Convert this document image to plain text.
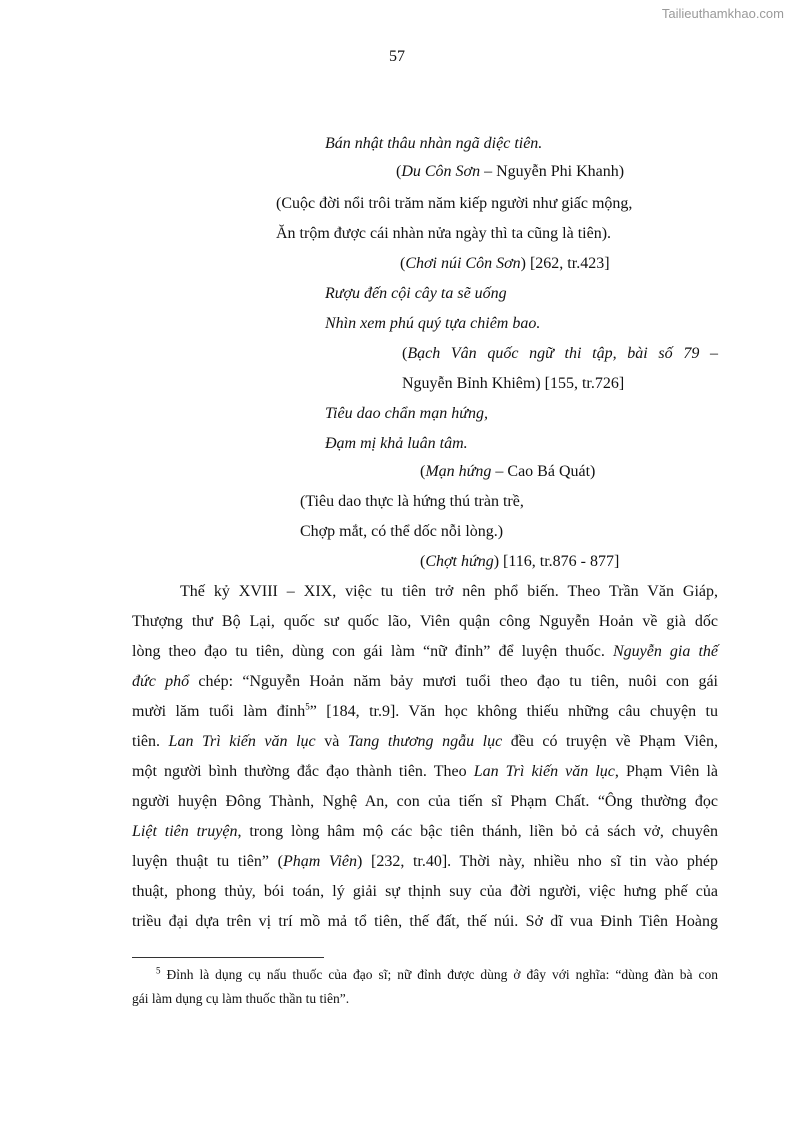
Tailieuthamkhao.com
57
Bán nhật thâu nhàn ngã diệc tiên.
(Du Côn Sơn – Nguyễn Phi Khanh)
(Cuộc đời nổi trôi trăm năm kiếp người như giấc mộng,
Ăn trộm được cái nhàn nửa ngày thì ta cũng là tiên).
(Chơi núi Côn Sơn) [262, tr.423]
Rượu đến cội cây ta sẽ uống
Nhìn xem phú quý tựa chiêm bao.
(Bạch Vân quốc ngữ thi tập, bài số 79 –
Nguyễn Bỉnh Khiêm) [155, tr.726]
Tiêu dao chẩn mạn hứng,
Đạm mị khả luân tâm.
(Mạn hứng – Cao Bá Quát)
(Tiêu dao thực là hứng thú tràn trề,
Chợp mắt, có thể dốc nỗi lòng.)
(Chợt hứng) [116, tr.876 - 877]
Thế kỷ XVIII – XIX, việc tu tiên trở nên phổ biến. Theo Trần Văn Giáp,
Thượng thư Bộ Lại, quốc sư quốc lão, Viên quận công Nguyễn Hoản về già dốc
lòng theo đạo tu tiên, dùng con gái làm “nữ đỉnh” để luyện thuốc. Nguyễn gia thế
đức phổ chép: “Nguyễn Hoản năm bảy mươi tuổi theo đạo tu tiên, nuôi con gái
mười lăm tuổi làm đỉnh$^5$” [184, tr.9]. Văn học không thiếu những câu chuyện tu
tiên. Lan Trì kiến văn lục và Tang thương ngẫu lục đều có truyện về Phạm Viên,
một người bình thường đắc đạo thành tiên. Theo Lan Trì kiến văn lục, Phạm Viên là
người huyện Đông Thành, Nghệ An, con của tiến sĩ Phạm Chất. “Ông thường đọc
Liệt tiên truyện, trong lòng hâm mộ các bậc tiên thánh, liền bỏ cả sách vở, chuyên
luyện thuật tu tiên” (Phạm Viên) [232, tr.40]. Thời này, nhiều nho sĩ tin vào phép
thuật, phong thủy, bói toán, lý giải sự thịnh suy của đời người, việc hưng phế của
triều đại dựa trên vị trí mồ mả tổ tiên, thế đất, thế núi. Sở dĩ vua Đinh Tiên Hoàng
$^5$ Đỉnh là dụng cụ nấu thuốc của đạo sĩ; nữ đỉnh được dùng ở đây với nghĩa: “dùng đàn bà con
gái làm dụng cụ làm thuốc thần tu tiên”.
